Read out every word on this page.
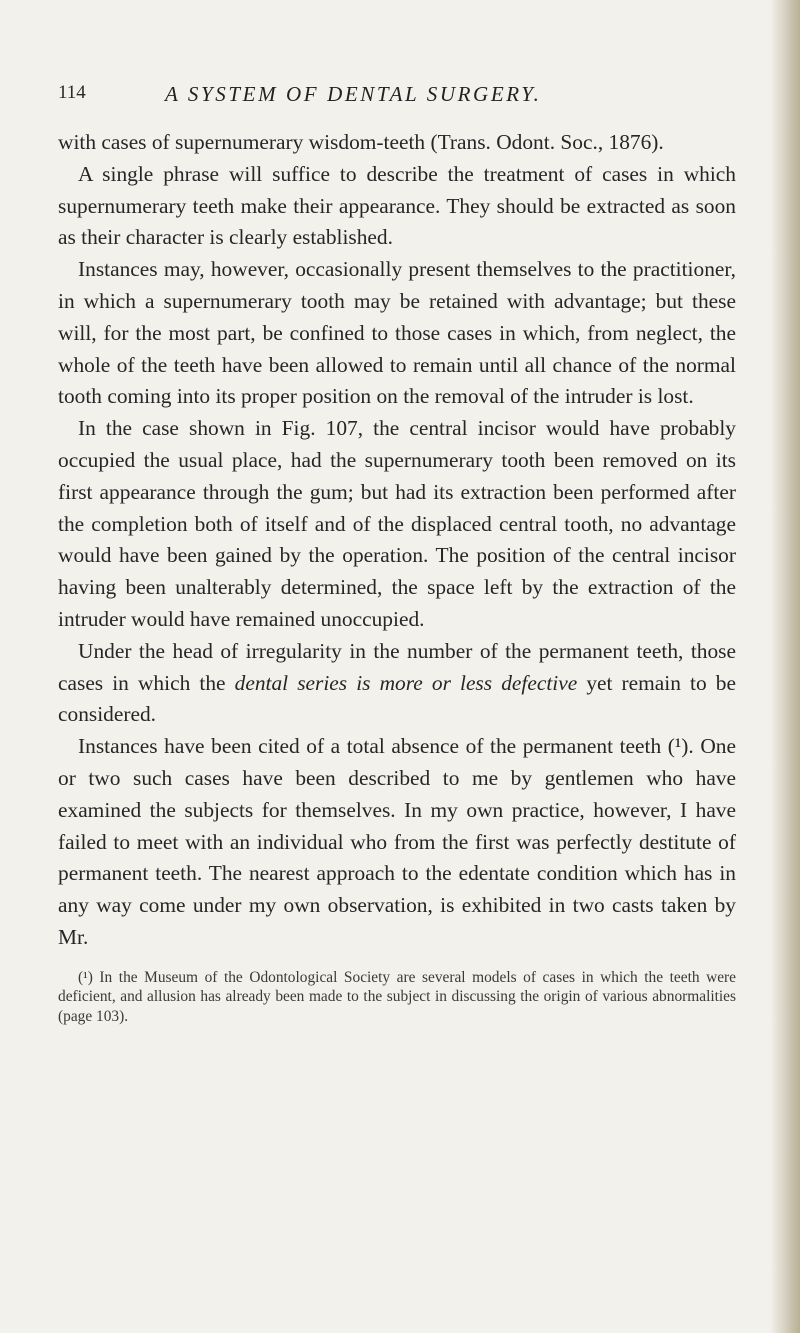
114	A SYSTEM OF DENTAL SURGERY.

with cases of supernumerary wisdom-teeth (Trans. Odont. Soc., 1876).

A single phrase will suffice to describe the treatment of cases in which supernumerary teeth make their appearance. They should be extracted as soon as their character is clearly established.

Instances may, however, occasionally present themselves to the practitioner, in which a supernumerary tooth may be retained with advantage; but these will, for the most part, be confined to those cases in which, from neglect, the whole of the teeth have been allowed to remain until all chance of the normal tooth coming into its proper position on the removal of the intruder is lost.

In the case shown in Fig. 107, the central incisor would have probably occupied the usual place, had the supernumerary tooth been removed on its first appearance through the gum; but had its extraction been performed after the completion both of itself and of the displaced central tooth, no advantage would have been gained by the operation. The position of the central incisor having been unalterably determined, the space left by the extraction of the intruder would have remained unoccupied.

Under the head of irregularity in the number of the permanent teeth, those cases in which the dental series is more or less defective yet remain to be considered.

Instances have been cited of a total absence of the permanent teeth (¹). One or two such cases have been described to me by gentlemen who have examined the subjects for themselves. In my own practice, however, I have failed to meet with an individual who from the first was perfectly destitute of permanent teeth. The nearest approach to the edentate condition which has in any way come under my own observation, is exhibited in two casts taken by Mr.

(¹) In the Museum of the Odontological Society are several models of cases in which the teeth were deficient, and allusion has already been made to the subject in discussing the origin of various abnormalities (page 103).
